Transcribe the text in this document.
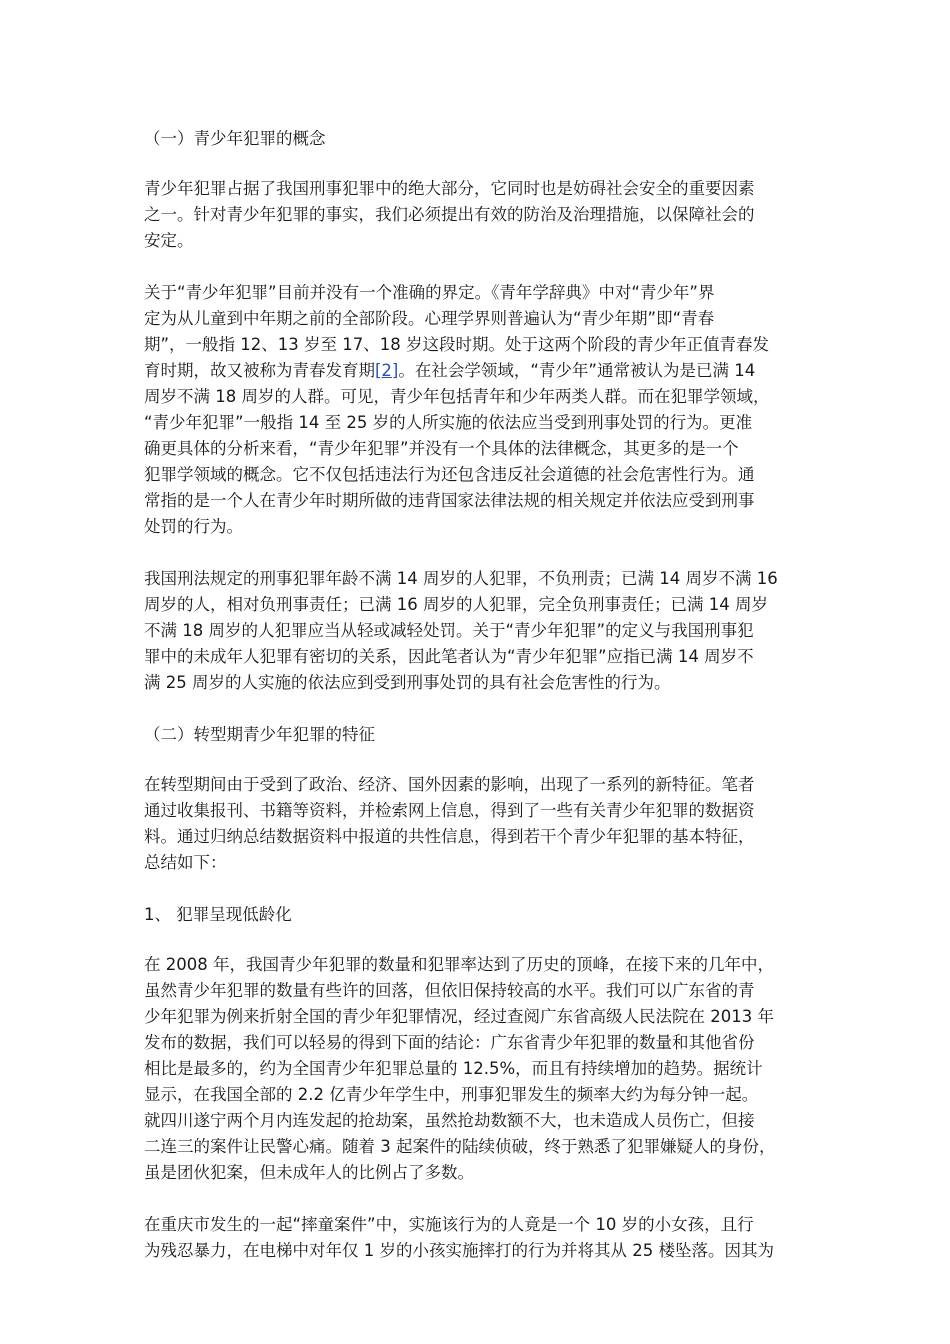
（一）青少年犯罪的概念
青少年犯罪占据了我国刑事犯罪中的绝大部分，它同时也是妨碍社会安全的重要因素
之一。针对青少年犯罪的事实，我们必须提出有效的防治及治理措施，以保障社会的
安定。
关于“青少年犯罪”目前并没有一个准确的界定。《青年学辞典》中对“青少年”界
定为从儿童到中年期之前的全部阶段。心理学界则普遍认为“青少年期”即“青春
期”，一般指 12、13 岁至 17、18 岁这段时期。处于这两个阶段的青少年正值青春发
育时期，故又被称为青春发育期[2]。在社会学领域，“青少年”通常被认为是已满 14
周岁不满 18 周岁的人群。可见，青少年包括青年和少年两类人群。而在犯罪学领域，
“青少年犯罪”一般指 14 至 25 岁的人所实施的依法应当受到刑事处罚的行为。更准
确更具体的分析来看，“青少年犯罪”并没有一个具体的法律概念，其更多的是一个
犯罪学领域的概念。它不仅包括违法行为还包含违反社会道德的社会危害性行为。通
常指的是一个人在青少年时期所做的违背国家法律法规的相关规定并依法应受到刑事
处罚的行为。
我国刑法规定的刑事犯罪年龄不满 14 周岁的人犯罪，不负刑责；已满 14 周岁不满 16
周岁的人，相对负刑事责任；已满 16 周岁的人犯罪，完全负刑事责任；已满 14 周岁
不满 18 周岁的人犯罪应当从轻或减轻处罚。关于“青少年犯罪”的定义与我国刑事犯
罪中的未成年人犯罪有密切的关系，因此笔者认为“青少年犯罪”应指已满 14 周岁不
满 25 周岁的人实施的依法应到受到刑事处罚的具有社会危害性的行为。
（二）转型期青少年犯罪的特征
在转型期间由于受到了政治、经济、国外因素的影响，出现了一系列的新特征。笔者
通过收集报刊、书籍等资料，并检索网上信息，得到了一些有关青少年犯罪的数据资
料。通过归纳总结数据资料中报道的共性信息，得到若干个青少年犯罪的基本特征，
总结如下：
1、 犯罪呈现低龄化
在 2008 年，我国青少年犯罪的数量和犯罪率达到了历史的顶峰，在接下来的几年中，
虽然青少年犯罪的数量有些许的回落，但依旧保持较高的水平。我们可以广东省的青
少年犯罪为例来折射全国的青少年犯罪情况，经过查阅广东省高级人民法院在 2013 年
发布的数据，我们可以轻易的得到下面的结论：广东省青少年犯罪的数量和其他省份
相比是最多的，约为全国青少年犯罪总量的 12.5%，而且有持续增加的趋势。据统计
显示，在我国全部的 2.2 亿青少年学生中，刑事犯罪发生的频率大约为每分钟一起。
就四川遂宁两个月内连发起的抢劫案，虽然抢劫数额不大，也未造成人员伤亡，但接
二连三的案件让民警心痛。随着 3 起案件的陆续侦破，终于熟悉了犯罪嫌疑人的身份，
虽是团伙犯案，但未成年人的比例占了多数。
在重庆市发生的一起“摔童案件”中，实施该行为的人竟是一个 10 岁的小女孩，且行
为残忍暴力，在电梯中对年仅 1 岁的小孩实施摔打的行为并将其从 25 楼坠落。因其为
